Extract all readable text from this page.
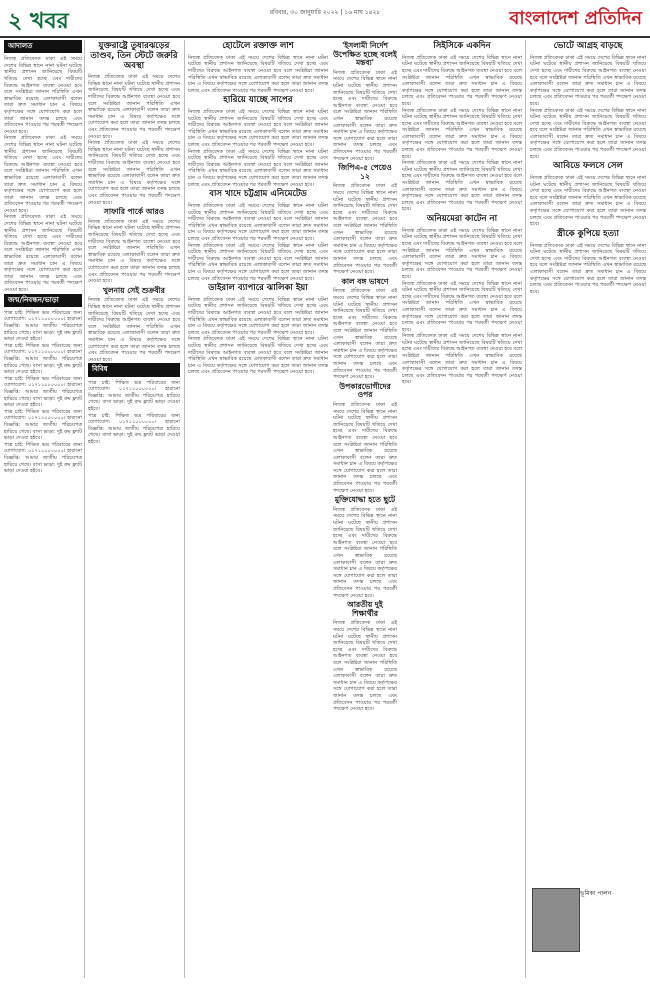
২ খবর	রবিবার, ৩০ জানুয়ারি ২০২২ | ১৬ মাঘ ১৪২৮	বাংলাদেশ প্রতিদিন
আদালত

নিজস্ব প্রতিবেদক ঢাকা এই সময়ে দেশের বিভিন্ন স্থানে নানা ঘটনা ঘটেছে স্থানীয় প্রশাসন জানিয়েছে বিষয়টি খতিয়ে দেখা হচ্ছে এবং দায়ীদের বিরুদ্ধে আইনগত ব্যবস্থা নেওয়া হবে বলে সংশ্লিষ্টরা জানান পরিস্থিতি এখন স্বাভাবিক রয়েছে এলাকাবাসী বলেন তারা দ্রুত সমাধান চান এ বিষয়ে কর্তৃপক্ষের সঙ্গে যোগাযোগ করা হলে তারা জানান তদন্ত চলছে এবং প্রতিবেদন পাওয়ার পর পরবর্তী পদক্ষেপ নেওয়া হবে।

নিজস্ব প্রতিবেদক ঢাকা এই সময়ে দেশের বিভিন্ন স্থানে নানা ঘটনা ঘটেছে স্থানীয় প্রশাসন জানিয়েছে বিষয়টি খতিয়ে দেখা হচ্ছে এবং দায়ীদের বিরুদ্ধে আইনগত ব্যবস্থা নেওয়া হবে বলে সংশ্লিষ্টরা জানান পরিস্থিতি এখন স্বাভাবিক রয়েছে এলাকাবাসী বলেন তারা দ্রুত সমাধান চান এ বিষয়ে কর্তৃপক্ষের সঙ্গে যোগাযোগ করা হলে তারা জানান তদন্ত চলছে এবং প্রতিবেদন পাওয়ার পর পরবর্তী পদক্ষেপ নেওয়া হবে।

নিজস্ব প্রতিবেদক ঢাকা এই সময়ে দেশের বিভিন্ন স্থানে নানা ঘটনা ঘটেছে স্থানীয় প্রশাসন জানিয়েছে বিষয়টি খতিয়ে দেখা হচ্ছে এবং দায়ীদের বিরুদ্ধে আইনগত ব্যবস্থা নেওয়া হবে বলে সংশ্লিষ্টরা জানান পরিস্থিতি এখন স্বাভাবিক রয়েছে এলাকাবাসী বলেন তারা দ্রুত সমাধান চান এ বিষয়ে কর্তৃপক্ষের সঙ্গে যোগাযোগ করা হলে তারা জানান তদন্ত চলছে এবং প্রতিবেদন পাওয়ার পর পরবর্তী পদক্ষেপ নেওয়া হবে।

জন্ম/নিবন্ধন/ভাড়া

পাত্র চাই: শিক্ষিত ভদ্র পরিবারের জন্য যোগাযোগ: ০১৭১১০০০০০০। হারানো বিজ্ঞপ্তি: আমার জাতীয় পরিচয়পত্র হারিয়ে গেছে। বাসা ভাড়া: দুই রুম ফ্ল্যাট ভাড়া দেওয়া হইবে।

পাত্র চাই: শিক্ষিত ভদ্র পরিবারের জন্য যোগাযোগ: ০১৭১১০০০০০০। হারানো বিজ্ঞপ্তি: আমার জাতীয় পরিচয়পত্র হারিয়ে গেছে। বাসা ভাড়া: দুই রুম ফ্ল্যাট ভাড়া দেওয়া হইবে।

পাত্র চাই: শিক্ষিত ভদ্র পরিবারের জন্য যোগাযোগ: ০১৭১১০০০০০০। হারানো বিজ্ঞপ্তি: আমার জাতীয় পরিচয়পত্র হারিয়ে গেছে। বাসা ভাড়া: দুই রুম ফ্ল্যাট ভাড়া দেওয়া হইবে।

পাত্র চাই: শিক্ষিত ভদ্র পরিবারের জন্য যোগাযোগ: ০১৭১১০০০০০০। হারানো বিজ্ঞপ্তি: আমার জাতীয় পরিচয়পত্র হারিয়ে গেছে। বাসা ভাড়া: দুই রুম ফ্ল্যাট ভাড়া দেওয়া হইবে।

পাত্র চাই: শিক্ষিত ভদ্র পরিবারের জন্য যোগাযোগ: ০১৭১১০০০০০০। হারানো বিজ্ঞপ্তি: আমার জাতীয় পরিচয়পত্র হারিয়ে গেছে। বাসা ভাড়া: দুই রুম ফ্ল্যাট ভাড়া দেওয়া হইবে।

যুক্তরাষ্ট্রে তুষারঝড়ের তাণ্ডব, তিন স্টেটে জরুরি অবস্থা

নিজস্ব প্রতিবেদক ঢাকা এই সময়ে দেশের বিভিন্ন স্থানে নানা ঘটনা ঘটেছে স্থানীয় প্রশাসন জানিয়েছে বিষয়টি খতিয়ে দেখা হচ্ছে এবং দায়ীদের বিরুদ্ধে আইনগত ব্যবস্থা নেওয়া হবে বলে সংশ্লিষ্টরা জানান পরিস্থিতি এখন স্বাভাবিক রয়েছে এলাকাবাসী বলেন তারা দ্রুত সমাধান চান এ বিষয়ে কর্তৃপক্ষের সঙ্গে যোগাযোগ করা হলে তারা জানান তদন্ত চলছে এবং প্রতিবেদন পাওয়ার পর পরবর্তী পদক্ষেপ নেওয়া হবে।

নিজস্ব প্রতিবেদক ঢাকা এই সময়ে দেশের বিভিন্ন স্থানে নানা ঘটনা ঘটেছে স্থানীয় প্রশাসন জানিয়েছে বিষয়টি খতিয়ে দেখা হচ্ছে এবং দায়ীদের বিরুদ্ধে আইনগত ব্যবস্থা নেওয়া হবে বলে সংশ্লিষ্টরা জানান পরিস্থিতি এখন স্বাভাবিক রয়েছে এলাকাবাসী বলেন তারা দ্রুত সমাধান চান এ বিষয়ে কর্তৃপক্ষের সঙ্গে যোগাযোগ করা হলে তারা জানান তদন্ত চলছে এবং প্রতিবেদন পাওয়ার পর পরবর্তী পদক্ষেপ নেওয়া হবে।

সাফারি পার্কে আরও

নিজস্ব প্রতিবেদক ঢাকা এই সময়ে দেশের বিভিন্ন স্থানে নানা ঘটনা ঘটেছে স্থানীয় প্রশাসন জানিয়েছে বিষয়টি খতিয়ে দেখা হচ্ছে এবং দায়ীদের বিরুদ্ধে আইনগত ব্যবস্থা নেওয়া হবে বলে সংশ্লিষ্টরা জানান পরিস্থিতি এখন স্বাভাবিক রয়েছে এলাকাবাসী বলেন তারা দ্রুত সমাধান চান এ বিষয়ে কর্তৃপক্ষের সঙ্গে যোগাযোগ করা হলে তারা জানান তদন্ত চলছে এবং প্রতিবেদন পাওয়ার পর পরবর্তী পদক্ষেপ নেওয়া হবে।

খুলনায় সেই শুক্রবীর

নিজস্ব প্রতিবেদক ঢাকা এই সময়ে দেশের বিভিন্ন স্থানে নানা ঘটনা ঘটেছে স্থানীয় প্রশাসন জানিয়েছে বিষয়টি খতিয়ে দেখা হচ্ছে এবং দায়ীদের বিরুদ্ধে আইনগত ব্যবস্থা নেওয়া হবে বলে সংশ্লিষ্টরা জানান পরিস্থিতি এখন স্বাভাবিক রয়েছে এলাকাবাসী বলেন তারা দ্রুত সমাধান চান এ বিষয়ে কর্তৃপক্ষের সঙ্গে যোগাযোগ করা হলে তারা জানান তদন্ত চলছে এবং প্রতিবেদন পাওয়ার পর পরবর্তী পদক্ষেপ নেওয়া হবে।

বিবিধ

পাত্র চাই: শিক্ষিত ভদ্র পরিবারের জন্য যোগাযোগ: ০১৭১১০০০০০০। হারানো বিজ্ঞপ্তি: আমার জাতীয় পরিচয়পত্র হারিয়ে গেছে। বাসা ভাড়া: দুই রুম ফ্ল্যাট ভাড়া দেওয়া হইবে।

পাত্র চাই: শিক্ষিত ভদ্র পরিবারের জন্য যোগাযোগ: ০১৭১১০০০০০০। হারানো বিজ্ঞপ্তি: আমার জাতীয় পরিচয়পত্র হারিয়ে গেছে। বাসা ভাড়া: দুই রুম ফ্ল্যাট ভাড়া দেওয়া হইবে।

হোটেলে রক্তাক্ত লাশ

নিজস্ব প্রতিবেদক ঢাকা এই সময়ে দেশের বিভিন্ন স্থানে নানা ঘটনা ঘটেছে স্থানীয় প্রশাসন জানিয়েছে বিষয়টি খতিয়ে দেখা হচ্ছে এবং দায়ীদের বিরুদ্ধে আইনগত ব্যবস্থা নেওয়া হবে বলে সংশ্লিষ্টরা জানান পরিস্থিতি এখন স্বাভাবিক রয়েছে এলাকাবাসী বলেন তারা দ্রুত সমাধান চান এ বিষয়ে কর্তৃপক্ষের সঙ্গে যোগাযোগ করা হলে তারা জানান তদন্ত চলছে এবং প্রতিবেদন পাওয়ার পর পরবর্তী পদক্ষেপ নেওয়া হবে।

হারিয়ে যাচ্ছে সাপের

নিজস্ব প্রতিবেদক ঢাকা এই সময়ে দেশের বিভিন্ন স্থানে নানা ঘটনা ঘটেছে স্থানীয় প্রশাসন জানিয়েছে বিষয়টি খতিয়ে দেখা হচ্ছে এবং দায়ীদের বিরুদ্ধে আইনগত ব্যবস্থা নেওয়া হবে বলে সংশ্লিষ্টরা জানান পরিস্থিতি এখন স্বাভাবিক রয়েছে এলাকাবাসী বলেন তারা দ্রুত সমাধান চান এ বিষয়ে কর্তৃপক্ষের সঙ্গে যোগাযোগ করা হলে তারা জানান তদন্ত চলছে এবং প্রতিবেদন পাওয়ার পর পরবর্তী পদক্ষেপ নেওয়া হবে।

নিজস্ব প্রতিবেদক ঢাকা এই সময়ে দেশের বিভিন্ন স্থানে নানা ঘটনা ঘটেছে স্থানীয় প্রশাসন জানিয়েছে বিষয়টি খতিয়ে দেখা হচ্ছে এবং দায়ীদের বিরুদ্ধে আইনগত ব্যবস্থা নেওয়া হবে বলে সংশ্লিষ্টরা জানান পরিস্থিতি এখন স্বাভাবিক রয়েছে এলাকাবাসী বলেন তারা দ্রুত সমাধান চান এ বিষয়ে কর্তৃপক্ষের সঙ্গে যোগাযোগ করা হলে তারা জানান তদন্ত চলছে এবং প্রতিবেদন পাওয়ার পর পরবর্তী পদক্ষেপ নেওয়া হবে।

বাস খাদে চট্টগ্রাম এনিমেটেড

নিজস্ব প্রতিবেদক ঢাকা এই সময়ে দেশের বিভিন্ন স্থানে নানা ঘটনা ঘটেছে স্থানীয় প্রশাসন জানিয়েছে বিষয়টি খতিয়ে দেখা হচ্ছে এবং দায়ীদের বিরুদ্ধে আইনগত ব্যবস্থা নেওয়া হবে বলে সংশ্লিষ্টরা জানান পরিস্থিতি এখন স্বাভাবিক রয়েছে এলাকাবাসী বলেন তারা দ্রুত সমাধান চান এ বিষয়ে কর্তৃপক্ষের সঙ্গে যোগাযোগ করা হলে তারা জানান তদন্ত চলছে এবং প্রতিবেদন পাওয়ার পর পরবর্তী পদক্ষেপ নেওয়া হবে।

নিজস্ব প্রতিবেদক ঢাকা এই সময়ে দেশের বিভিন্ন স্থানে নানা ঘটনা ঘটেছে স্থানীয় প্রশাসন জানিয়েছে বিষয়টি খতিয়ে দেখা হচ্ছে এবং দায়ীদের বিরুদ্ধে আইনগত ব্যবস্থা নেওয়া হবে বলে সংশ্লিষ্টরা জানান পরিস্থিতি এখন স্বাভাবিক রয়েছে এলাকাবাসী বলেন তারা দ্রুত সমাধান চান এ বিষয়ে কর্তৃপক্ষের সঙ্গে যোগাযোগ করা হলে তারা জানান তদন্ত চলছে এবং প্রতিবেদন পাওয়ার পর পরবর্তী পদক্ষেপ নেওয়া হবে।

ডাইরাল ব্যাপারে ঝালিকা ইয়া

নিজস্ব প্রতিবেদক ঢাকা এই সময়ে দেশের বিভিন্ন স্থানে নানা ঘটনা ঘটেছে স্থানীয় প্রশাসন জানিয়েছে বিষয়টি খতিয়ে দেখা হচ্ছে এবং দায়ীদের বিরুদ্ধে আইনগত ব্যবস্থা নেওয়া হবে বলে সংশ্লিষ্টরা জানান পরিস্থিতি এখন স্বাভাবিক রয়েছে এলাকাবাসী বলেন তারা দ্রুত সমাধান চান এ বিষয়ে কর্তৃপক্ষের সঙ্গে যোগাযোগ করা হলে তারা জানান তদন্ত চলছে এবং প্রতিবেদন পাওয়ার পর পরবর্তী পদক্ষেপ নেওয়া হবে।

নিজস্ব প্রতিবেদক ঢাকা এই সময়ে দেশের বিভিন্ন স্থানে নানা ঘটনা ঘটেছে স্থানীয় প্রশাসন জানিয়েছে বিষয়টি খতিয়ে দেখা হচ্ছে এবং দায়ীদের বিরুদ্ধে আইনগত ব্যবস্থা নেওয়া হবে বলে সংশ্লিষ্টরা জানান পরিস্থিতি এখন স্বাভাবিক রয়েছে এলাকাবাসী বলেন তারা দ্রুত সমাধান চান এ বিষয়ে কর্তৃপক্ষের সঙ্গে যোগাযোগ করা হলে তারা জানান তদন্ত চলছে এবং প্রতিবেদন পাওয়ার পর পরবর্তী পদক্ষেপ নেওয়া হবে।

'ইসলামী নির্দেশ উপেক্ষিত হচ্ছে বলেই মন্তব্য'

নিজস্ব প্রতিবেদক ঢাকা এই সময়ে দেশের বিভিন্ন স্থানে নানা ঘটনা ঘটেছে স্থানীয় প্রশাসন জানিয়েছে বিষয়টি খতিয়ে দেখা হচ্ছে এবং দায়ীদের বিরুদ্ধে আইনগত ব্যবস্থা নেওয়া হবে বলে সংশ্লিষ্টরা জানান পরিস্থিতি এখন স্বাভাবিক রয়েছে এলাকাবাসী বলেন তারা দ্রুত সমাধান চান এ বিষয়ে কর্তৃপক্ষের সঙ্গে যোগাযোগ করা হলে তারা জানান তদন্ত চলছে এবং প্রতিবেদন পাওয়ার পর পরবর্তী পদক্ষেপ নেওয়া হবে।

জিপিএ-৫ পেয়েও ১২

নিজস্ব প্রতিবেদক ঢাকা এই সময়ে দেশের বিভিন্ন স্থানে নানা ঘটনা ঘটেছে স্থানীয় প্রশাসন জানিয়েছে বিষয়টি খতিয়ে দেখা হচ্ছে এবং দায়ীদের বিরুদ্ধে আইনগত ব্যবস্থা নেওয়া হবে বলে সংশ্লিষ্টরা জানান পরিস্থিতি এখন স্বাভাবিক রয়েছে এলাকাবাসী বলেন তারা দ্রুত সমাধান চান এ বিষয়ে কর্তৃপক্ষের সঙ্গে যোগাযোগ করা হলে তারা জানান তদন্ত চলছে এবং প্রতিবেদন পাওয়ার পর পরবর্তী পদক্ষেপ নেওয়া হবে।

কাল বঙ্গ ভাষণে

নিজস্ব প্রতিবেদক ঢাকা এই সময়ে দেশের বিভিন্ন স্থানে নানা ঘটনা ঘটেছে স্থানীয় প্রশাসন জানিয়েছে বিষয়টি খতিয়ে দেখা হচ্ছে এবং দায়ীদের বিরুদ্ধে আইনগত ব্যবস্থা নেওয়া হবে বলে সংশ্লিষ্টরা জানান পরিস্থিতি এখন স্বাভাবিক রয়েছে এলাকাবাসী বলেন তারা দ্রুত সমাধান চান এ বিষয়ে কর্তৃপক্ষের সঙ্গে যোগাযোগ করা হলে তারা জানান তদন্ত চলছে এবং প্রতিবেদন পাওয়ার পর পরবর্তী পদক্ষেপ নেওয়া হবে।

উপকারভোগীদের ওপর

নিজস্ব প্রতিবেদক ঢাকা এই সময়ে দেশের বিভিন্ন স্থানে নানা ঘটনা ঘটেছে স্থানীয় প্রশাসন জানিয়েছে বিষয়টি খতিয়ে দেখা হচ্ছে এবং দায়ীদের বিরুদ্ধে আইনগত ব্যবস্থা নেওয়া হবে বলে সংশ্লিষ্টরা জানান পরিস্থিতি এখন স্বাভাবিক রয়েছে এলাকাবাসী বলেন তারা দ্রুত সমাধান চান এ বিষয়ে কর্তৃপক্ষের সঙ্গে যোগাযোগ করা হলে তারা জানান তদন্ত চলছে এবং প্রতিবেদন পাওয়ার পর পরবর্তী পদক্ষেপ নেওয়া হবে।

মুক্তিযোদ্ধা হতে ছুটে

নিজস্ব প্রতিবেদক ঢাকা এই সময়ে দেশের বিভিন্ন স্থানে নানা ঘটনা ঘটেছে স্থানীয় প্রশাসন জানিয়েছে বিষয়টি খতিয়ে দেখা হচ্ছে এবং দায়ীদের বিরুদ্ধে আইনগত ব্যবস্থা নেওয়া হবে বলে সংশ্লিষ্টরা জানান পরিস্থিতি এখন স্বাভাবিক রয়েছে এলাকাবাসী বলেন তারা দ্রুত সমাধান চান এ বিষয়ে কর্তৃপক্ষের সঙ্গে যোগাযোগ করা হলে তারা জানান তদন্ত চলছে এবং প্রতিবেদন পাওয়ার পর পরবর্তী পদক্ষেপ নেওয়া হবে।

আরতীয় দুই শিক্ষার্থীর

নিজস্ব প্রতিবেদক ঢাকা এই সময়ে দেশের বিভিন্ন স্থানে নানা ঘটনা ঘটেছে স্থানীয় প্রশাসন জানিয়েছে বিষয়টি খতিয়ে দেখা হচ্ছে এবং দায়ীদের বিরুদ্ধে আইনগত ব্যবস্থা নেওয়া হবে বলে সংশ্লিষ্টরা জানান পরিস্থিতি এখন স্বাভাবিক রয়েছে এলাকাবাসী বলেন তারা দ্রুত সমাধান চান এ বিষয়ে কর্তৃপক্ষের সঙ্গে যোগাযোগ করা হলে তারা জানান তদন্ত চলছে এবং প্রতিবেদন পাওয়ার পর পরবর্তী পদক্ষেপ নেওয়া হবে।

সিইসিকে একদিন

নিজস্ব প্রতিবেদক ঢাকা এই সময়ে দেশের বিভিন্ন স্থানে নানা ঘটনা ঘটেছে স্থানীয় প্রশাসন জানিয়েছে বিষয়টি খতিয়ে দেখা হচ্ছে এবং দায়ীদের বিরুদ্ধে আইনগত ব্যবস্থা নেওয়া হবে বলে সংশ্লিষ্টরা জানান পরিস্থিতি এখন স্বাভাবিক রয়েছে এলাকাবাসী বলেন তারা দ্রুত সমাধান চান এ বিষয়ে কর্তৃপক্ষের সঙ্গে যোগাযোগ করা হলে তারা জানান তদন্ত চলছে এবং প্রতিবেদন পাওয়ার পর পরবর্তী পদক্ষেপ নেওয়া হবে।

নিজস্ব প্রতিবেদক ঢাকা এই সময়ে দেশের বিভিন্ন স্থানে নানা ঘটনা ঘটেছে স্থানীয় প্রশাসন জানিয়েছে বিষয়টি খতিয়ে দেখা হচ্ছে এবং দায়ীদের বিরুদ্ধে আইনগত ব্যবস্থা নেওয়া হবে বলে সংশ্লিষ্টরা জানান পরিস্থিতি এখন স্বাভাবিক রয়েছে এলাকাবাসী বলেন তারা দ্রুত সমাধান চান এ বিষয়ে কর্তৃপক্ষের সঙ্গে যোগাযোগ করা হলে তারা জানান তদন্ত চলছে এবং প্রতিবেদন পাওয়ার পর পরবর্তী পদক্ষেপ নেওয়া হবে।

নিজস্ব প্রতিবেদক ঢাকা এই সময়ে দেশের বিভিন্ন স্থানে নানা ঘটনা ঘটেছে স্থানীয় প্রশাসন জানিয়েছে বিষয়টি খতিয়ে দেখা হচ্ছে এবং দায়ীদের বিরুদ্ধে আইনগত ব্যবস্থা নেওয়া হবে বলে সংশ্লিষ্টরা জানান পরিস্থিতি এখন স্বাভাবিক রয়েছে এলাকাবাসী বলেন তারা দ্রুত সমাধান চান এ বিষয়ে কর্তৃপক্ষের সঙ্গে যোগাযোগ করা হলে তারা জানান তদন্ত চলছে এবং প্রতিবেদন পাওয়ার পর পরবর্তী পদক্ষেপ নেওয়া হবে।

অনিয়মেরা কাটেন না

নিজস্ব প্রতিবেদক ঢাকা এই সময়ে দেশের বিভিন্ন স্থানে নানা ঘটনা ঘটেছে স্থানীয় প্রশাসন জানিয়েছে বিষয়টি খতিয়ে দেখা হচ্ছে এবং দায়ীদের বিরুদ্ধে আইনগত ব্যবস্থা নেওয়া হবে বলে সংশ্লিষ্টরা জানান পরিস্থিতি এখন স্বাভাবিক রয়েছে এলাকাবাসী বলেন তারা দ্রুত সমাধান চান এ বিষয়ে কর্তৃপক্ষের সঙ্গে যোগাযোগ করা হলে তারা জানান তদন্ত চলছে এবং প্রতিবেদন পাওয়ার পর পরবর্তী পদক্ষেপ নেওয়া হবে।

নিজস্ব প্রতিবেদক ঢাকা এই সময়ে দেশের বিভিন্ন স্থানে নানা ঘটনা ঘটেছে স্থানীয় প্রশাসন জানিয়েছে বিষয়টি খতিয়ে দেখা হচ্ছে এবং দায়ীদের বিরুদ্ধে আইনগত ব্যবস্থা নেওয়া হবে বলে সংশ্লিষ্টরা জানান পরিস্থিতি এখন স্বাভাবিক রয়েছে এলাকাবাসী বলেন তারা দ্রুত সমাধান চান এ বিষয়ে কর্তৃপক্ষের সঙ্গে যোগাযোগ করা হলে তারা জানান তদন্ত চলছে এবং প্রতিবেদন পাওয়ার পর পরবর্তী পদক্ষেপ নেওয়া হবে।

নিজস্ব প্রতিবেদক ঢাকা এই সময়ে দেশের বিভিন্ন স্থানে নানা ঘটনা ঘটেছে স্থানীয় প্রশাসন জানিয়েছে বিষয়টি খতিয়ে দেখা হচ্ছে এবং দায়ীদের বিরুদ্ধে আইনগত ব্যবস্থা নেওয়া হবে বলে সংশ্লিষ্টরা জানান পরিস্থিতি এখন স্বাভাবিক রয়েছে এলাকাবাসী বলেন তারা দ্রুত সমাধান চান এ বিষয়ে কর্তৃপক্ষের সঙ্গে যোগাযোগ করা হলে তারা জানান তদন্ত চলছে এবং প্রতিবেদন পাওয়ার পর পরবর্তী পদক্ষেপ নেওয়া হবে।

ভোটে আগ্রহ বাড়ছে

নিজস্ব প্রতিবেদক ঢাকা এই সময়ে দেশের বিভিন্ন স্থানে নানা ঘটনা ঘটেছে স্থানীয় প্রশাসন জানিয়েছে বিষয়টি খতিয়ে দেখা হচ্ছে এবং দায়ীদের বিরুদ্ধে আইনগত ব্যবস্থা নেওয়া হবে বলে সংশ্লিষ্টরা জানান পরিস্থিতি এখন স্বাভাবিক রয়েছে এলাকাবাসী বলেন তারা দ্রুত সমাধান চান এ বিষয়ে কর্তৃপক্ষের সঙ্গে যোগাযোগ করা হলে তারা জানান তদন্ত চলছে এবং প্রতিবেদন পাওয়ার পর পরবর্তী পদক্ষেপ নেওয়া হবে।

নিজস্ব প্রতিবেদক ঢাকা এই সময়ে দেশের বিভিন্ন স্থানে নানা ঘটনা ঘটেছে স্থানীয় প্রশাসন জানিয়েছে বিষয়টি খতিয়ে দেখা হচ্ছে এবং দায়ীদের বিরুদ্ধে আইনগত ব্যবস্থা নেওয়া হবে বলে সংশ্লিষ্টরা জানান পরিস্থিতি এখন স্বাভাবিক রয়েছে এলাকাবাসী বলেন তারা দ্রুত সমাধান চান এ বিষয়ে কর্তৃপক্ষের সঙ্গে যোগাযোগ করা হলে তারা জানান তদন্ত চলছে এবং প্রতিবেদন পাওয়ার পর পরবর্তী পদক্ষেপ নেওয়া হবে।

আবিডে ফলসে সেল

নিজস্ব প্রতিবেদক ঢাকা এই সময়ে দেশের বিভিন্ন স্থানে নানা ঘটনা ঘটেছে স্থানীয় প্রশাসন জানিয়েছে বিষয়টি খতিয়ে দেখা হচ্ছে এবং দায়ীদের বিরুদ্ধে আইনগত ব্যবস্থা নেওয়া হবে বলে সংশ্লিষ্টরা জানান পরিস্থিতি এখন স্বাভাবিক রয়েছে এলাকাবাসী বলেন তারা দ্রুত সমাধান চান এ বিষয়ে কর্তৃপক্ষের সঙ্গে যোগাযোগ করা হলে তারা জানান তদন্ত চলছে এবং প্রতিবেদন পাওয়ার পর পরবর্তী পদক্ষেপ নেওয়া হবে।

স্ত্রীকে কুপিয়ে হত্যা

নিজস্ব প্রতিবেদক ঢাকা এই সময়ে দেশের বিভিন্ন স্থানে নানা ঘটনা ঘটেছে স্থানীয় প্রশাসন জানিয়েছে বিষয়টি খতিয়ে দেখা হচ্ছে এবং দায়ীদের বিরুদ্ধে আইনগত ব্যবস্থা নেওয়া হবে বলে সংশ্লিষ্টরা জানান পরিস্থিতি এখন স্বাভাবিক রয়েছে এলাকাবাসী বলেন তারা দ্রুত সমাধান চান এ বিষয়ে কর্তৃপক্ষের সঙ্গে যোগাযোগ করা হলে তারা জানান তদন্ত চলছে এবং প্রতিবেদন পাওয়ার পর পরবর্তী পদক্ষেপ নেওয়া হবে।

ভূমিকা পালন
